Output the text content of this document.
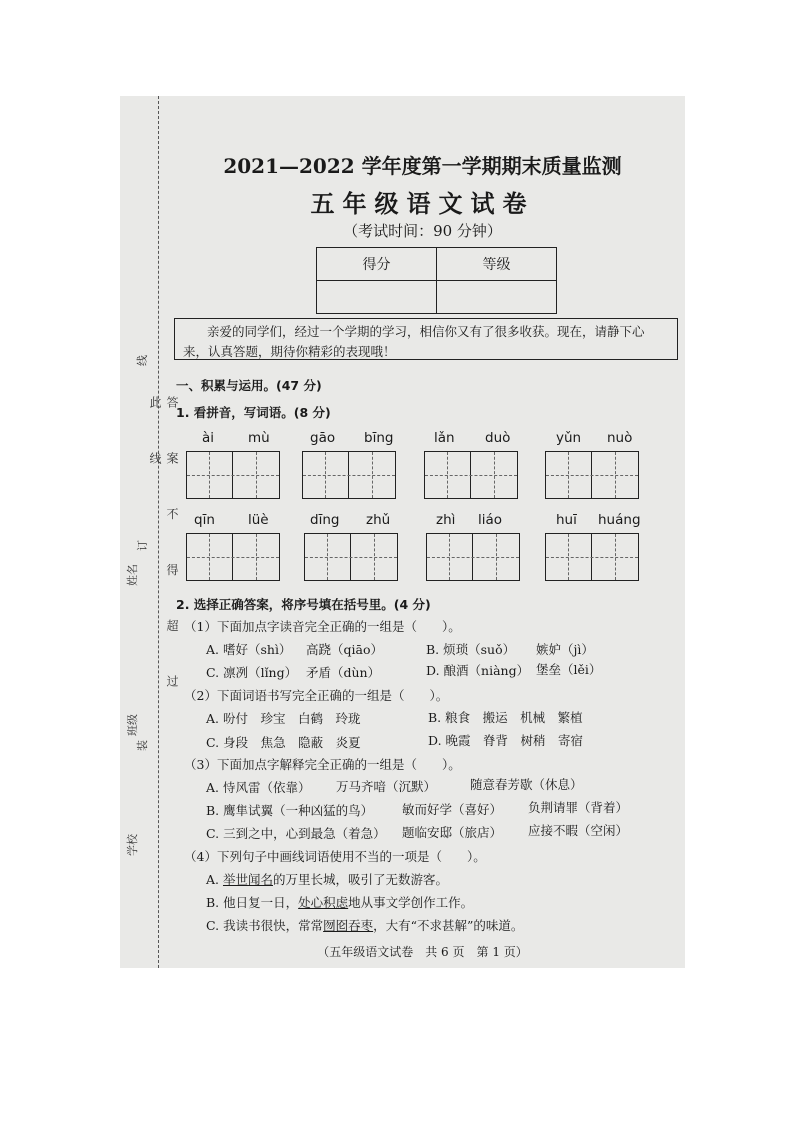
学校
班级
姓名
装
订
线
答 案 不 得 超 过 此 线
2021—2022 学年度第一学期期末质量监测
五年级语文试卷
（考试时间：90 分钟）
得分	等级

亲爱的同学们，经过一个学期的学习，相信你又有了很多收获。现在，请静下心来，认真答题，期待你精彩的表现哦！
一、积累与运用。(47 分)
1. 看拼音，写词语。(8 分)
ài	mù	gāo bīng	lǎn duò	yǔn nuò
qīn lüè	dīng zhǔ	zhì liáo	huī huáng
2. 选择正确答案，将序号填在括号里。(4 分)
（1）下面加点字读音完全正确的一组是（　　）。
A. 嗜好（shì） 高跷（qiāo）	B. 烦琐（suǒ） 嫉妒（jì）
C. 凛冽（lǐng） 矛盾（dùn）	D. 酿酒（niàng） 堡垒（lěi）
（2）下面词语书写完全正确的一组是（　　）。
A. 吩付　珍宝　白鹤　玲珑	B. 粮食　搬运　机械　繁植
C. 身段　焦急　隐蔽　炎夏	D. 晚霞　脊背　树稍　寄宿
（3）下面加点字解释完全正确的一组是（　　）。
A. 恃风雷（依靠） 万马齐喑（沉默）	随意春芳歇（休息）
B. 鹰隼试翼（一种凶猛的鸟） 敏而好学（喜好） 负荆请罪（背着）
C. 三到之中，心到最急（着急） 题临安邸（旅店） 应接不暇（空闲）
（4）下列句子中画线词语使用不当的一项是（　　）。
A. 举世闻名的万里长城，吸引了无数游客。
B. 他日复一日，处心积虑地从事文学创作工作。
C. 我读书很快，常常囫囵吞枣，大有“不求甚解”的味道。
（五年级语文试卷　共 6 页　第 1 页）
